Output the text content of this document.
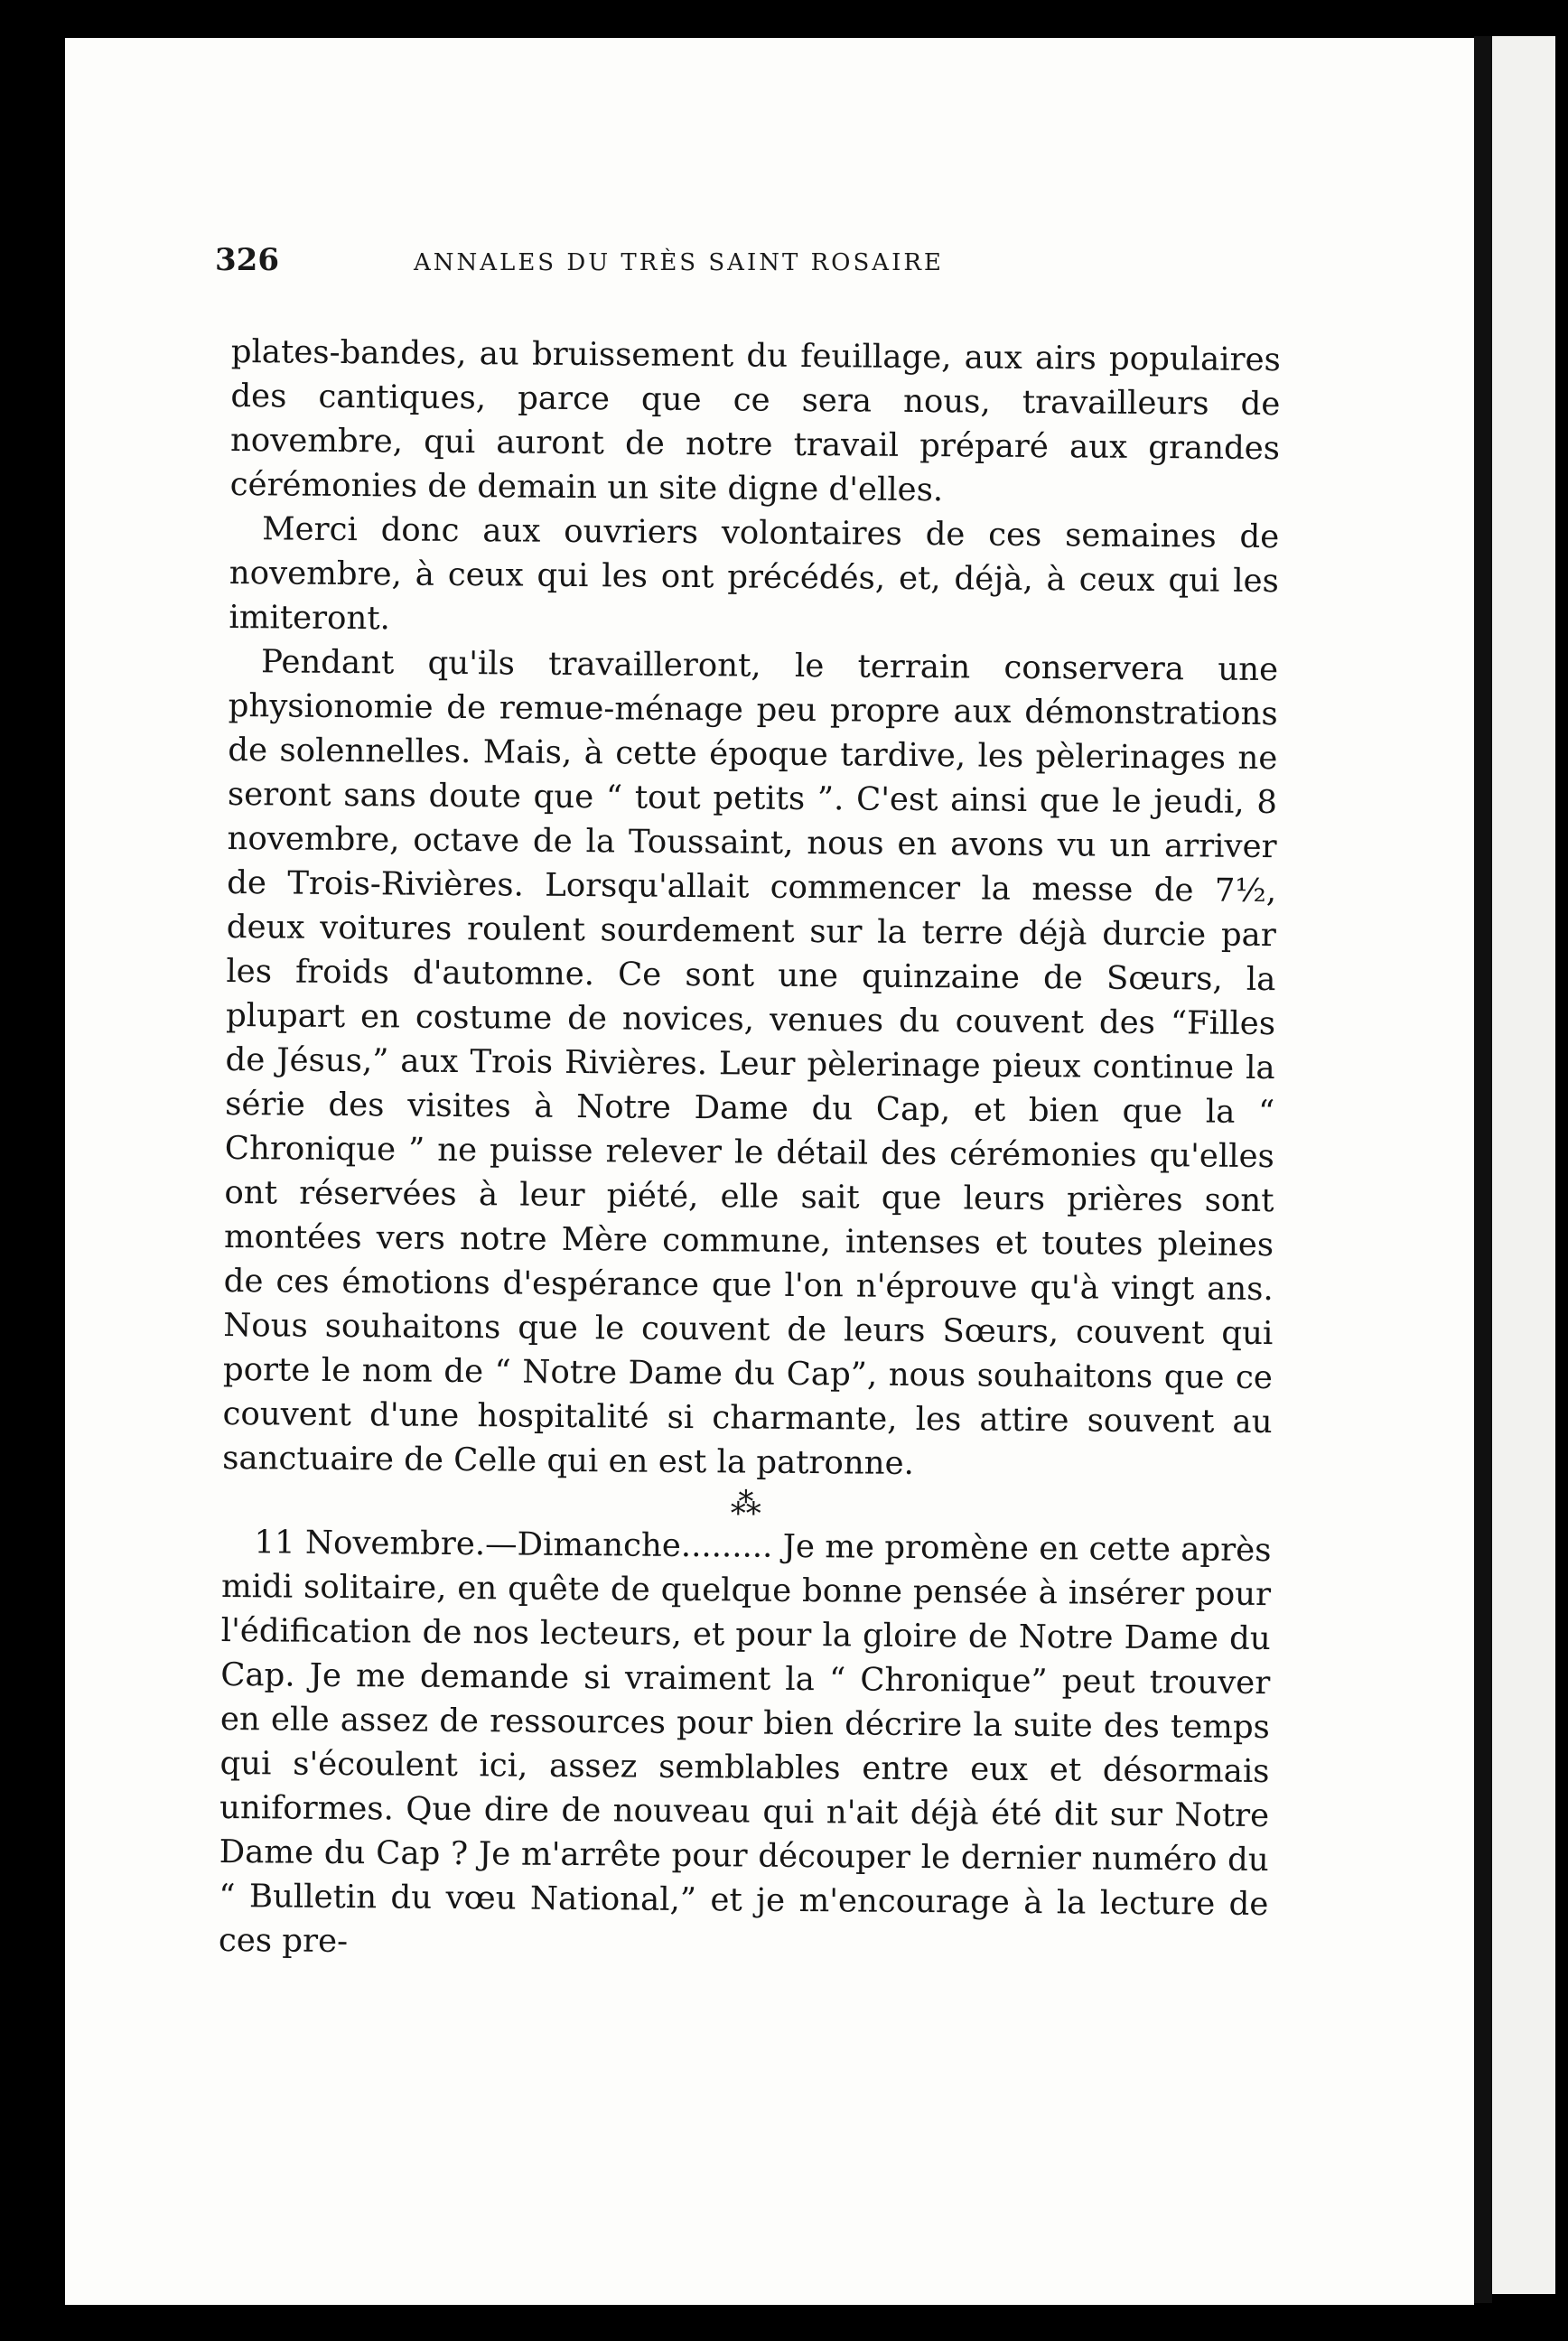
326	ANNALES DU TRÈS SAINT ROSAIRE

plates-bandes, au bruissement du feuillage, aux airs populaires des cantiques, parce que ce sera nous, travailleurs de novembre, qui auront de notre travail préparé aux grandes cérémonies de demain un site digne d'elles.

Merci donc aux ouvriers volontaires de ces semaines de novembre, à ceux qui les ont précédés, et, déjà, à ceux qui les imiteront.

Pendant qu'ils travailleront, le terrain conservera une physionomie de remue-ménage peu propre aux démonstrations de solennelles. Mais, à cette époque tardive, les pèlerinages ne seront sans doute que “ tout petits ”. C'est ainsi que le jeudi, 8 novembre, octave de la Toussaint, nous en avons vu un arriver de Trois-Rivières. Lorsqu'allait commencer la messe de 7½, deux voitures roulent sourdement sur la terre déjà durcie par les froids d'automne. Ce sont une quinzaine de Sœurs, la plupart en costume de novices, venues du couvent des “Filles de Jésus,” aux Trois Rivières. Leur pèlerinage pieux continue la série des visites à Notre Dame du Cap, et bien que la “ Chronique ” ne puisse relever le détail des cérémonies qu'elles ont réservées à leur piété, elle sait que leurs prières sont montées vers notre Mère commune, intenses et toutes pleines de ces émotions d'espérance que l'on n'éprouve qu'à vingt ans. Nous souhaitons que le couvent de leurs Sœurs, couvent qui porte le nom de “ Notre Dame du Cap”, nous souhaitons que ce couvent d'une hospitalité si charmante, les attire souvent au sanctuaire de Celle qui en est la patronne.

⁂

11 Novembre.—Dimanche......... Je me promène en cette après midi solitaire, en quête de quelque bonne pensée à insérer pour l'édification de nos lecteurs, et pour la gloire de Notre Dame du Cap. Je me demande si vraiment la “ Chronique” peut trouver en elle assez de ressources pour bien décrire la suite des temps qui s'écoulent ici, assez semblables entre eux et désormais uniformes. Que dire de nouveau qui n'ait déjà été dit sur Notre Dame du Cap ? Je m'arrête pour découper le dernier numéro du “ Bulletin du vœu National,” et je m'encourage à la lecture de ces pre-
